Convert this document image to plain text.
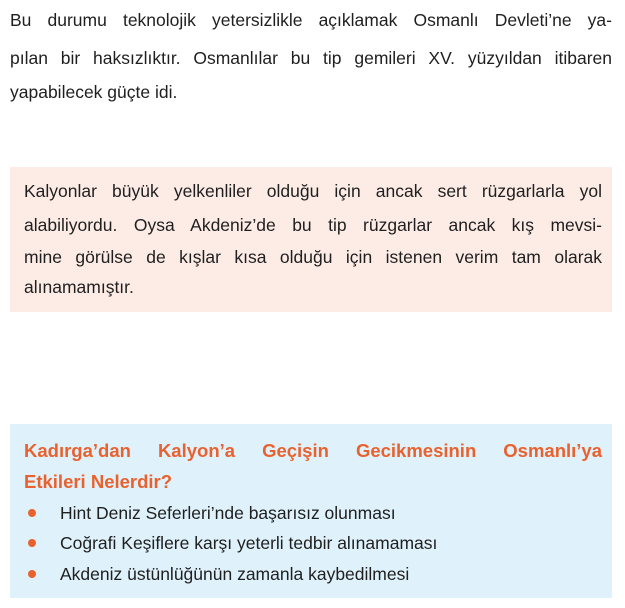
Bu durumu teknolojik yetersizlikle açıklamak Osmanlı Devleti’ne ya-
pılan bir haksızlıktır. Osmanlılar bu tip gemileri XV. yüzyıldan itibaren
yapabilecek güçte idi.
Kalyonlar büyük yelkenliler olduğu için ancak sert rüzgarlarla yol
alabiliyordu. Oysa Akdeniz’de bu tip rüzgarlar ancak kış mevsi-
mine görülse de kışlar kısa olduğu için istenen verim tam olarak
alınamamıştır.
Kadırga’dan Kalyon’a Geçişin Gecikmesinin Osmanlı’ya
Etkileri Nelerdir?
Hint Deniz Seferleri’nde başarısız olunması
Coğrafi Keşiflere karşı yeterli tedbir alınamaması
Akdeniz üstünlüğünün zamanla kaybedilmesi
